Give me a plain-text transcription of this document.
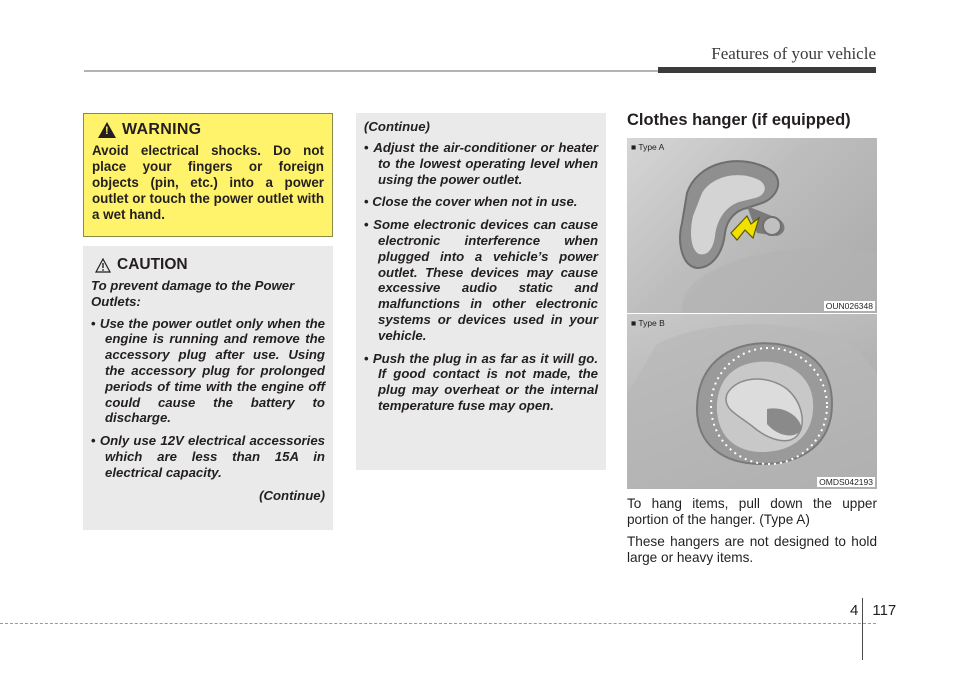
Features of your vehicle
! WARNING
Avoid electrical shocks. Do not place your fingers or foreign objects (pin, etc.) into a power outlet or touch the power outlet with a wet hand.
CAUTION
To prevent damage to the Power Outlets:
• Use the power outlet only when the engine is running and remove the accessory plug after use. Using the accessory plug for prolonged periods of time with the engine off could cause the battery to discharge.
• Only use 12V electrical accessories which are less than 15A in electrical capacity.
(Continue)
(Continue)
• Adjust the air-conditioner or heater to the lowest operating level when using the power outlet.
• Close the cover when not in use.
• Some electronic devices can cause electronic interference when plugged into a vehicle’s power outlet. These devices may cause excessive audio static and malfunctions in other electronic systems or devices used in your vehicle.
• Push the plug in as far as it will go. If good contact is not made, the plug may overheat or the internal temperature fuse may open.
Clothes hanger (if equipped)
■ Type A
OUN026348
■ Type B
OMDS042193
To hang items, pull down the upper portion of the hanger. (Type A)
These hangers are not designed to hold large or heavy items.
4 117
